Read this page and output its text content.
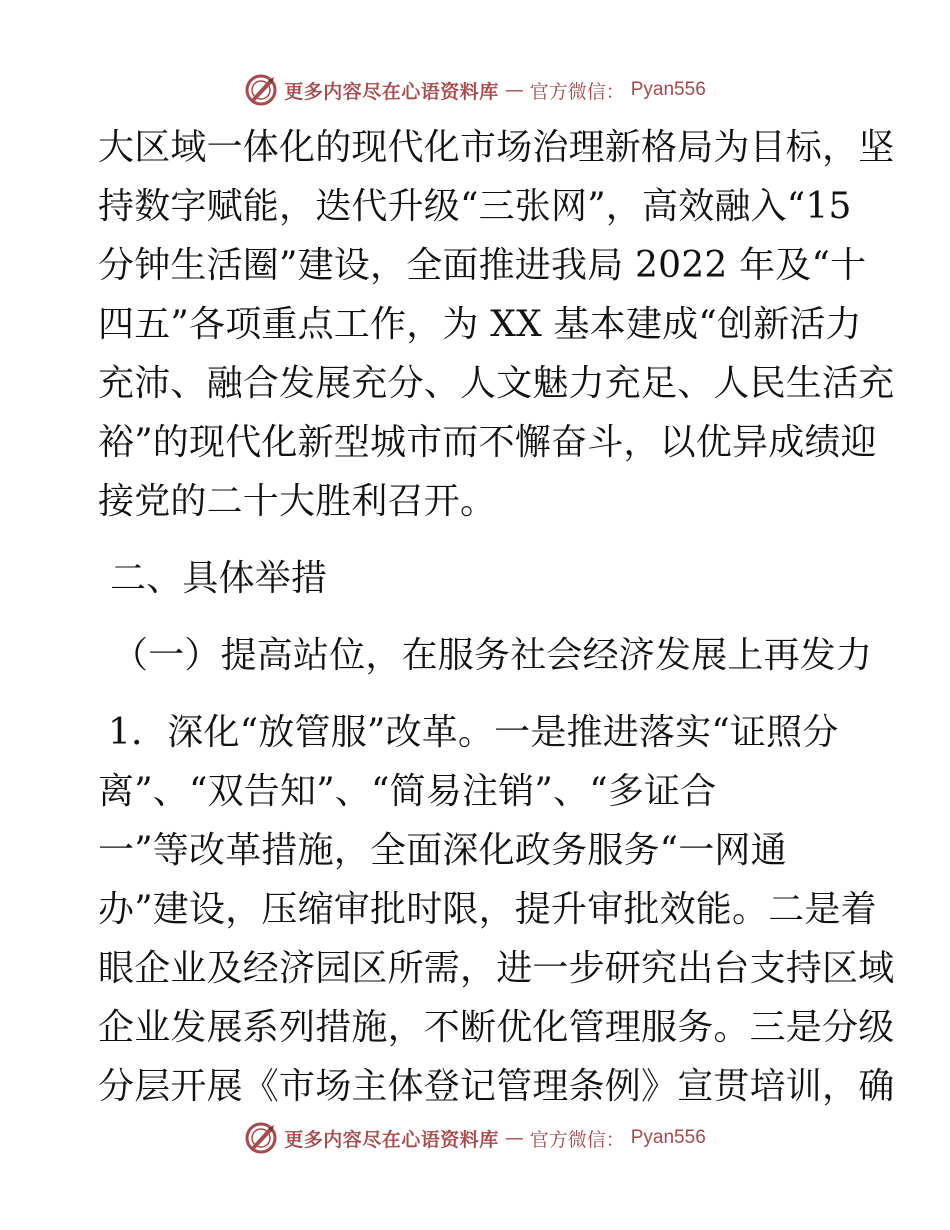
更多内容尽在心语资料库 — 官方微信： Pyan556
大区域一体化的现代化市场治理新格局为目标，坚
持数字赋能，迭代升级“三张网”，高效融入“15
分钟生活圈”建设，全面推进我局 2022 年及“十
四五”各项重点工作，为 XX 基本建成“创新活力
充沛、融合发展充分、人文魅力充足、人民生活充
裕”的现代化新型城市而不懈奋斗，以优异成绩迎
接党的二十大胜利召开。
二、具体举措
（一）提高站位，在服务社会经济发展上再发力
1．深化“放管服”改革。一是推进落实“证照分
离”、“双告知”、“简易注销”、“多证合
一”等改革措施，全面深化政务服务“一网通
办”建设，压缩审批时限，提升审批效能。二是着
眼企业及经济园区所需，进一步研究出台支持区域
企业发展系列措施，不断优化管理服务。三是分级
分层开展《市场主体登记管理条例》宣贯培训，确
更多内容尽在心语资料库 — 官方微信： Pyan556
